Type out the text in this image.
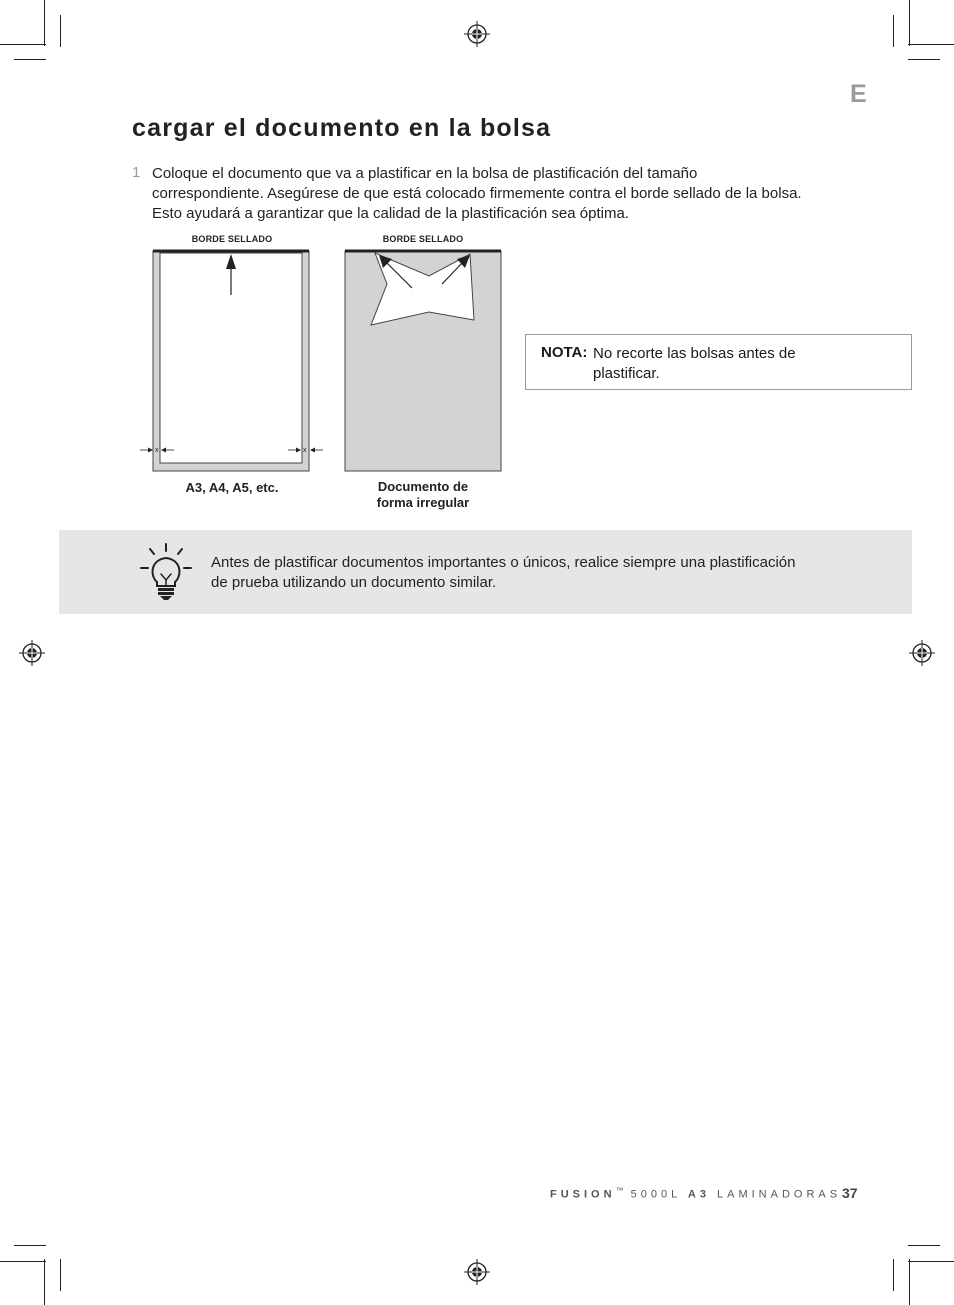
E
cargar el documento en la bolsa
1 Coloque el documento que va a plastificar en la bolsa de plastificación del tamaño correspondiente. Asegúrese de que está colocado firmemente contra el borde sellado de la bolsa. Esto ayudará a garantizar que la calidad de la plastificación sea óptima.
BORDE SELLADO
x	x
A3, A4, A5, etc.
BORDE SELLADO
Documento de
forma irregular
NOTA: No recorte las bolsas antes de plastificar.
Antes de plastificar documentos importantes o únicos, realice siempre una plastificación de prueba utilizando un documento similar.
FUSION™ 5000L A3 LAMINADORAS 37
